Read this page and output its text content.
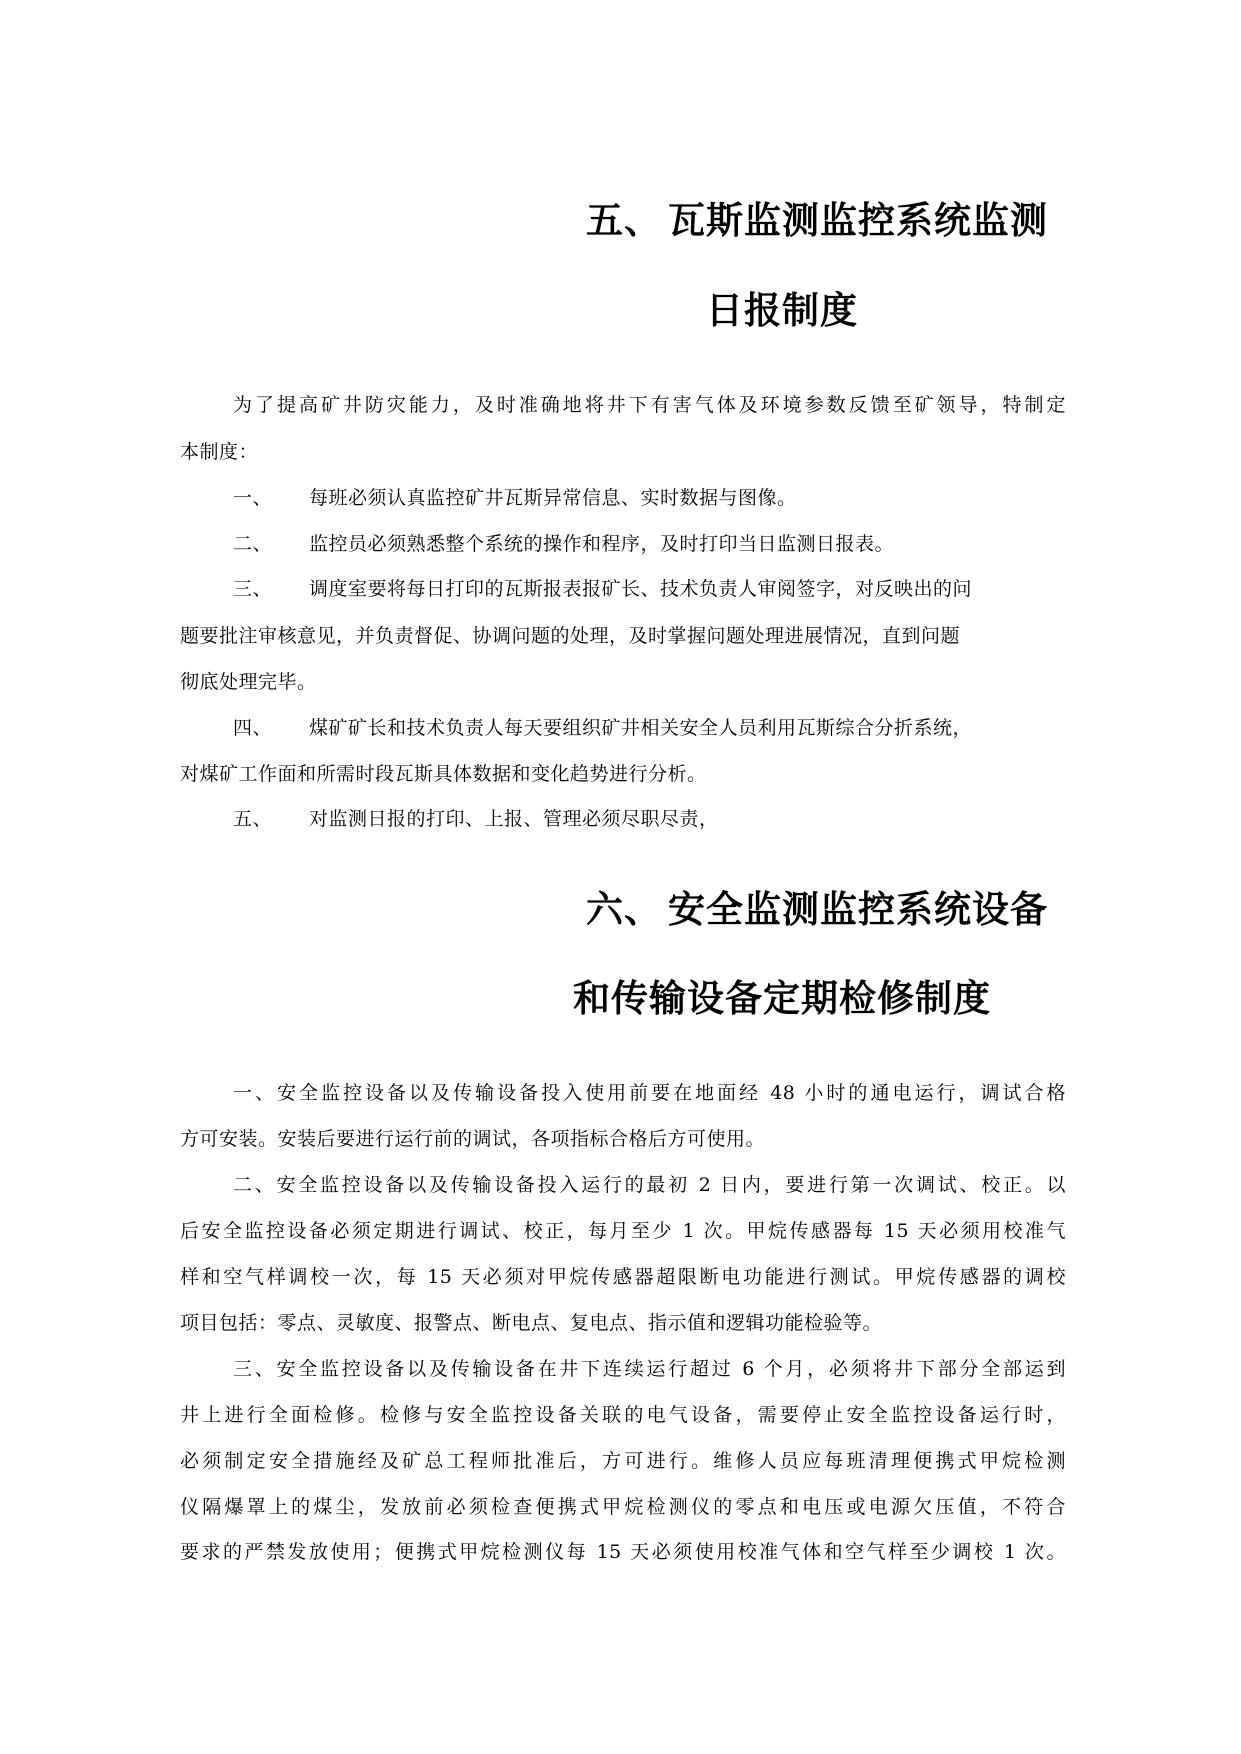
五、 瓦斯监测监控系统监测
日报制度
为了提高矿井防灾能力，及时准确地将井下有害气体及环境参数反馈至矿领导，特制定
本制度：
一、 每班必须认真监控矿井瓦斯异常信息、实时数据与图像。
二、 监控员必须熟悉整个系统的操作和程序，及时打印当日监测日报表。
三、 调度室要将每日打印的瓦斯报表报矿长、技术负责人审阅签字，对反映出的问
题要批注审核意见，并负责督促、协调问题的处理，及时掌握问题处理进展情况，直到问题
彻底处理完毕。
四、 煤矿矿长和技术负责人每天要组织矿井相关安全人员利用瓦斯综合分折系统，
对煤矿工作面和所需时段瓦斯具体数据和变化趋势进行分析。
五、 对监测日报的打印、上报、管理必须尽职尽责，
六、 安全监测监控系统设备
和传输设备定期检修制度
一、安全监控设备以及传输设备投入使用前要在地面经 48 小时的通电运行，调试合格
方可安装。安装后要进行运行前的调试，各项指标合格后方可使用。
二、安全监控设备以及传输设备投入运行的最初 2 日内，要进行第一次调试、校正。以
后安全监控设备必须定期进行调试、校正，每月至少 1 次。甲烷传感器每 15 天必须用校准气
样和空气样调校一次，每 15 天必须对甲烷传感器超限断电功能进行测试。甲烷传感器的调校
项目包括：零点、灵敏度、报警点、断电点、复电点、指示值和逻辑功能检验等。
三、安全监控设备以及传输设备在井下连续运行超过 6 个月，必须将井下部分全部运到
井上进行全面检修。检修与安全监控设备关联的电气设备，需要停止安全监控设备运行时，
必须制定安全措施经及矿总工程师批准后，方可进行。维修人员应每班清理便携式甲烷检测
仪隔爆罩上的煤尘，发放前必须检查便携式甲烷检测仪的零点和电压或电源欠压值，不符合
要求的严禁发放使用；便携式甲烷检测仪每 15 天必须使用校准气体和空气样至少调校 1 次。
